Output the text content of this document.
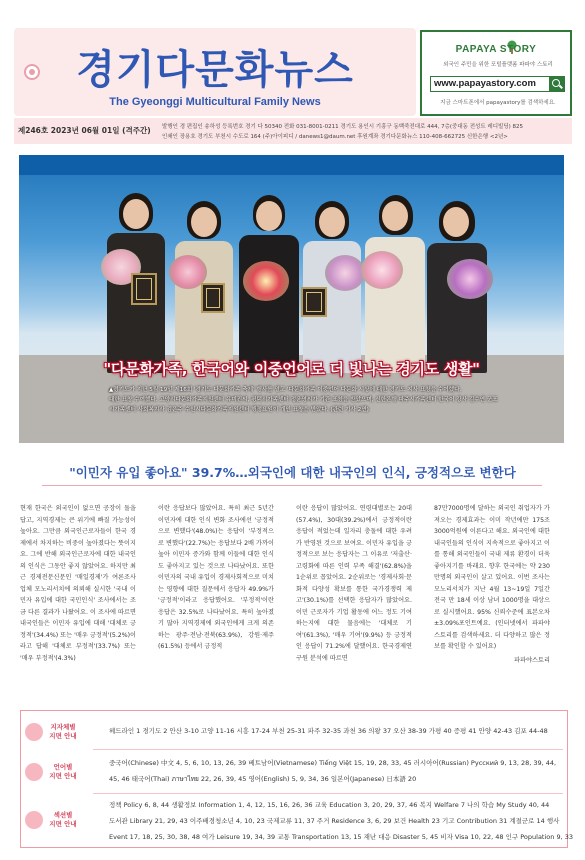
경기다문화뉴스
The Gyeonggi Multicultural Family News
PAPAYA STORY
외국인 주민을 위한 포털플랫폼 파파야 스토리
www.papayastory.com
지금 스마트폰에서 papayastory를 검색하세요.
제246호 2023년 06월 01일 (격주간) 발행인 경 편집인 송하성 등록번호 경기 다 50340 전화 031-8001-0211 경기도 용인시 기흥구 동백죽전대로 444, 7층(중대동 전성트 레디빌딩) 825
인쇄인 장용호 경기도 부천시 수도로 164 (주)아이피디 / danews1@daum.net 후원계좌 경기다문화뉴스 110-408-662725 신한은행 <2년>
"다문화가족, 한국어와 이중언어로 더 빛나는 경기도 생활"
▲경기도가 지난 5월 19일 제16회 '경기도 다문화가족 축제' 행사를 열고 '다문화가족 이중언어 다문화 시상에 대한 경기도 지사 표창을 수여했다.
대한 표창 수여했다. 고양시다문화가족지원센터 유미진씨, 평택시가족센터 정윤영씨가 기관 표창을 받았으며, 신한은행 파주시가족센터 한국어 강사 김수연 군포
시가족센터 사회복지사 김은주 수원시다문화가족지원센터 행정요원이 개인 표창을 받았다. (관련 기사 2면)
"이민자 유입 좋아요" 39.7%…외국인에 대한 내국인의 인식, 긍정적으로 변한다

현재 한국은 외국인이 없으면 공장이 돌을 답고, 지역경제는 큰 위기에 빠질 가능성이 높아요. 그만큼 외국인근로자들이 한국 경제에서 차지하는 비중이 높아졌다는 뜻이지요. 그에 반해 외국인근로자에 대한 내국인의 인식은 그동안 좋지 않았어요. 하지만 최근 경제전문신문인 '매일경제'가 여론조사업체 모노리서치에 의뢰해 실시한 '국내 이민자 유입에 대한 국민인식' 조사에서는 조금 다른 결과가 나왔어요. 이 조사에 따르면 내국인들은 이민자 유입에 대해 '대체로 긍정적'(34.4%) 또는 '매우 긍정적'(5.2%)이라고 답해 '대체로 부정적'(33.7%) 또는 '매우 부정적'(4.3%)

이란 응답보다 많았어요. 특히 최근 5년간 이민자에 대한 인식 변화 조사에선 '긍정적으로 변했다'(48.0%)는 응답이 '부정적으로 변했다'(22.7%)는 응답보다 2배 가까이 높아 이민자 증가와 함께 이들에 대한 인식도 좋아지고 있는 것으로 나타났어요. 또한 이민자의 국내 유입이 경제사회적으로 미치는 영향에 대한 질문에서 응답자 49.9%가 '긍정적'이라고 응답했어요. '부정적'이란 응답은 32.5%로 나타났어요. 특히 높아졌기 많아 지역경제에 외국인에게 크게 의존하는 광주·전남·전북(63.9%), 강원·제주(61.5%) 등에서 긍정적

이란 응답이 많았어요. 연령대별로는 20대(57.4%), 30대(39.2%)에서 긍정적이란 응답이 적었는데 일자리 충돌에 대한 우려가 반영된 것으로 보여요. 이민자 유입을 긍정적으로 보는 응답자는 그 이유로 '저출산·고령화에 따른 인력 부족 해결'(62.8%)을 1순위로 꼽았어요. 2순위로는 '경제사회·문화적 다양성 확보를 통한 국가경쟁력 제고'(30.1%)를 선택한 응답자가 많았어요. 이민 근로자가 기업 활동에 어느 정도 기여하는지에 대한 물음에는 '대체로 기여'(61.3%), '매우 기여'(9.9%) 등 긍정적인 응답이 71.2%에 달했어요. 한국경제연구원 분석에 따르면

87만7000명에 달하는 외국인 취업자가 가져오는 경제효과는 이미 작년에만 175조 3000억원에 이른다고 해요. 외국인에 대한 내국인들의 인식이 지속적으로 좋아지고 이를 통해 외국인들이 국내 제류 환경이 더욱 좋아지기를 바래요. 향후 한국에는 약 230만명의 외국인이 살고 있어요. 이번 조사는 모노리서치가 지난 4월 13~19일 7일간 전국 만 18세 이상 남녀 1000명을 대상으로 실시했어요. 95% 신뢰수준에 표본오차 ±3.09%포인트예요. (인터넷에서 파파야스토리를 검색하세요. 더 다양하고 많은 정보를 확인할 수 있어요)

파파야스토리

지자체별
지면 안내
헤드라인 1 경기도 2 안산 3-10 고양 11-16 시흥 17-24 부천 25-31 파주 32-35 과천 36 의왕 37 오산 38-39 가평 40 증평 41 안양 42-43 김포 44-48
언어별
지면 안내
중국어(Chinese) 中文 4, 5, 6, 10, 13, 26, 39 베트남어(Vietnamese) Tiếng Việt 15, 19, 28, 33, 45 러시아어(Russian) Русский 9, 13, 28, 39, 44,
45, 46 태국어(Thai) ภาษาไทย 22, 26, 39, 45 영어(English) 5, 9, 34, 36 일본어(Japanese) 日本語 20
섹션별
지면 안내
정책 Policy 6, 8, 44 생활정보 Information 1, 4, 12, 15, 16, 26, 36 교육 Education 3, 20, 29, 37, 46 복지 Welfare 7 나의 학습 My Study 40, 44
도서관 Library 21, 29, 43 이주배경청소년 4, 10, 23 국제교류 11, 37 주거 Residence 3, 6, 29 보건 Health 23 기고 Contribution 31 계절군로 14 행사
Event 17, 18, 25, 30, 38, 48 여가 Leisure 19, 34, 39 교통 Transportation 13, 15 재난 대응 Disaster 5, 45 비자 Visa 10, 22, 48 인구 Population 9, 33
